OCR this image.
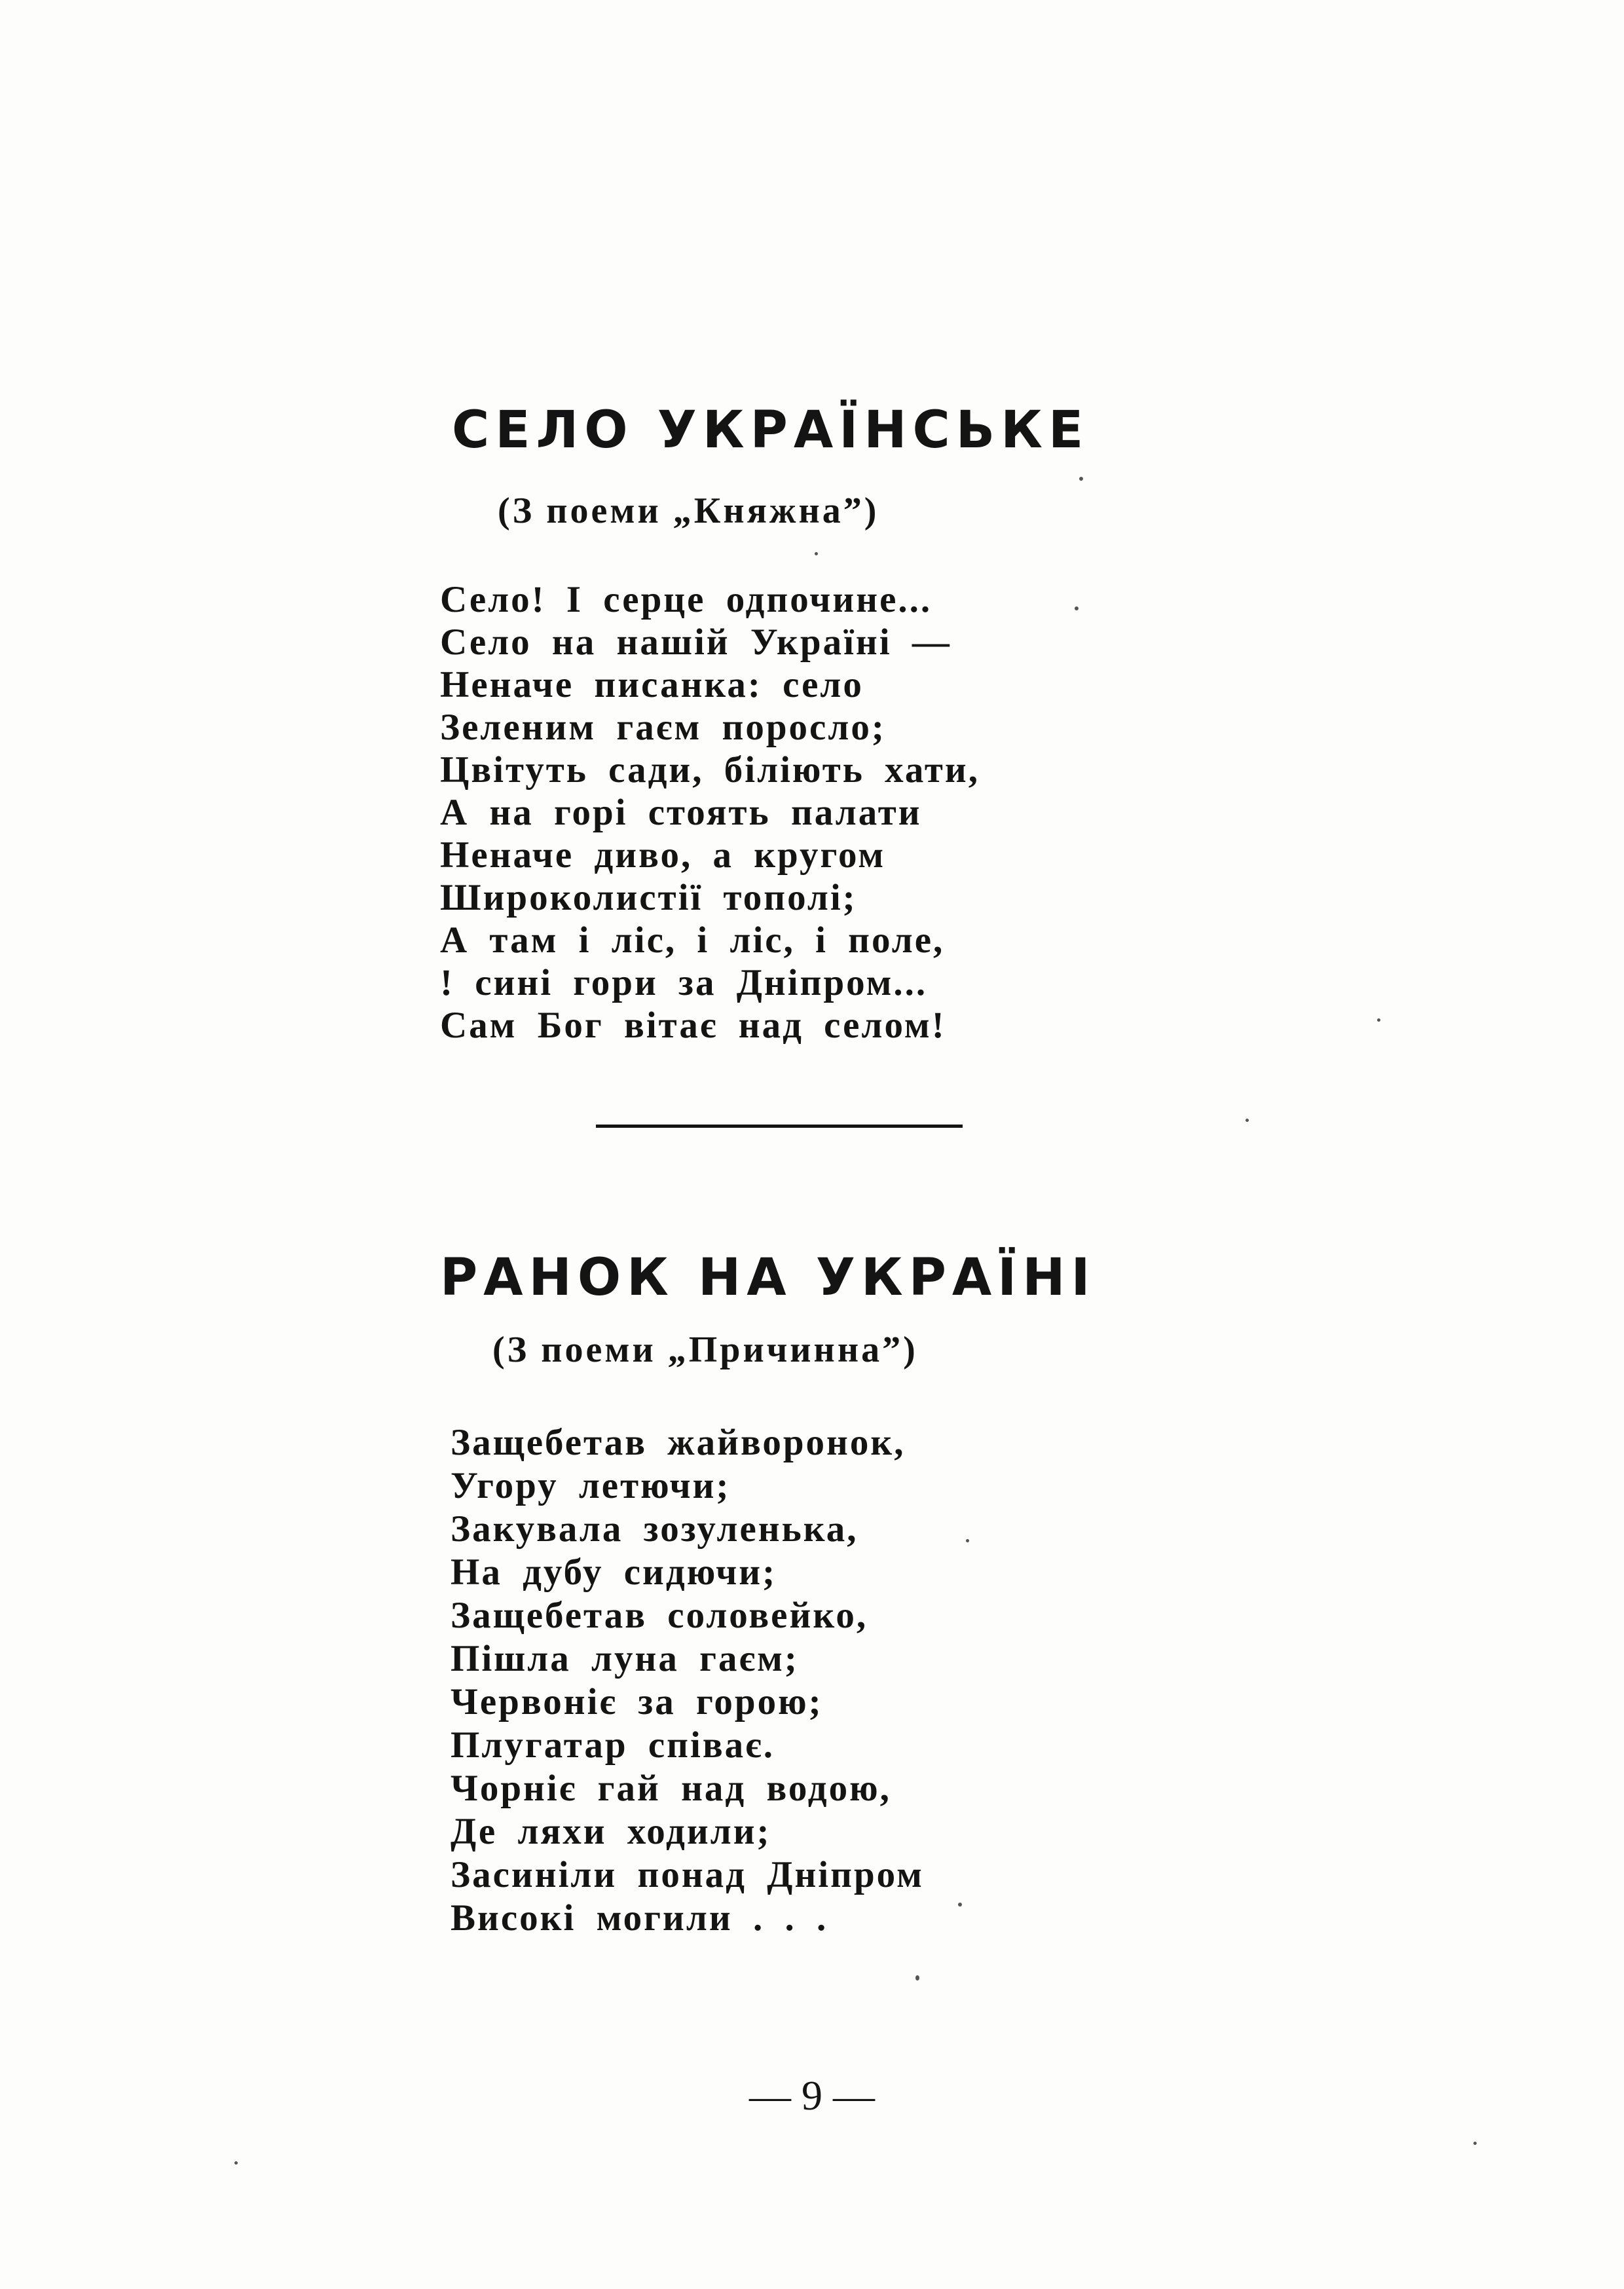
СЕЛО УКРАЇНСЬКЕ

(З поеми „Княжна”)

Село! І серце одпочине...
Село на нашій Україні —
Неначе писанка: село
Зеленим гаєм поросло;
Цвітуть сади, біліють хати,
А на горі стоять палати
Неначе диво, а кругом
Широколистії тополі;
А там і ліс, і ліс, і поле,
! сині гори за Дніпром...
Сам Бог вітає над селом!
РАНОК НА УКРАЇНІ

(З поеми „Причинна”)

Защебетав жайворонок,
Угору летючи;
Закувала зозуленька,
На дубу сидючи;
Защебетав соловейко,
Пішла луна гаєм;
Червоніє за горою;
Плугатар співає.
Чорніє гай над водою,
Де ляхи ходили;
Засиніли понад Дніпром
Високі могили . . .
— 9 —
